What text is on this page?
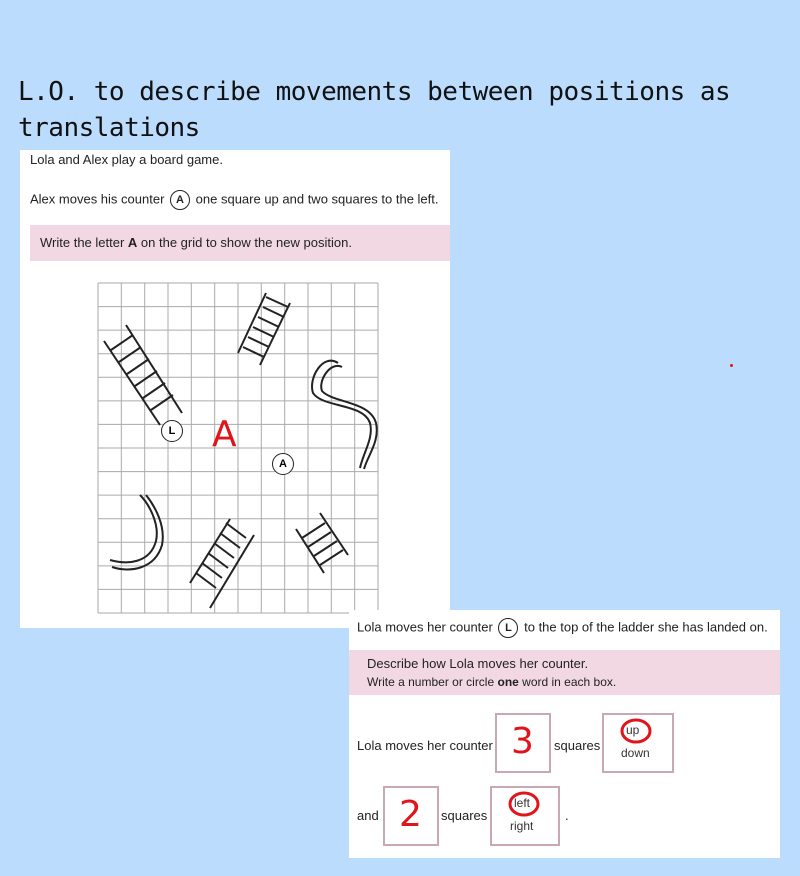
L.O. to describe movements between positions as translations
Lola and Alex play a board game.
Alex moves his counter A one square up and two squares to the left.
Write the letter A on the grid to show the new position.
L
A
A
Lola moves her counter L to the top of the ladder she has landed on.
Describe how Lola moves her counter.
Write a number or circle one word in each box.
Lola moves her counter 3 squares
up
down
and 2 squares
left
right
.
